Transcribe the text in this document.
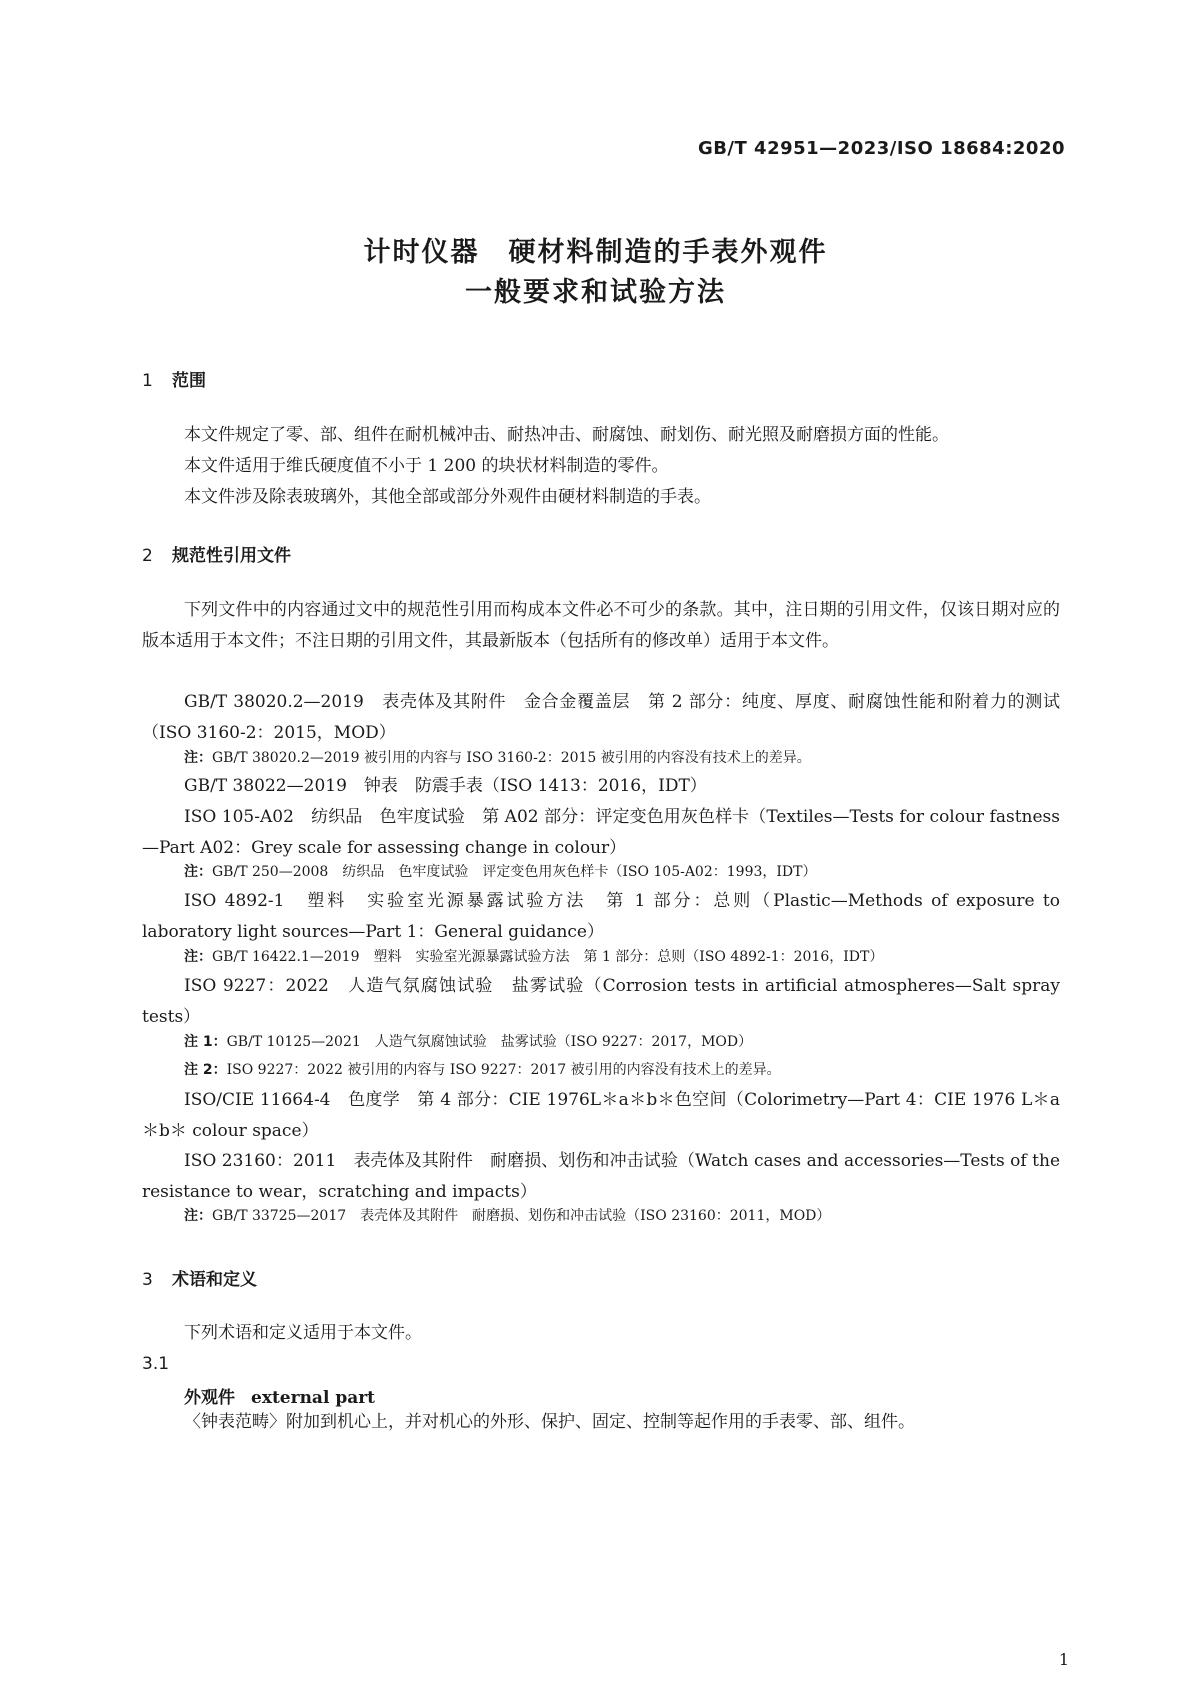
GB/T 42951—2023/ISO 18684:2020
计时仪器　硬材料制造的手表外观件
一般要求和试验方法
1 范围

本文件规定了零、部、组件在耐机械冲击、耐热冲击、耐腐蚀、耐划伤、耐光照及耐磨损方面的性能。

本文件适用于维氏硬度值不小于 1 200 的块状材料制造的零件。

本文件涉及除表玻璃外，其他全部或部分外观件由硬材料制造的手表。

2 规范性引用文件

下列文件中的内容通过文中的规范性引用而构成本文件必不可少的条款。其中，注日期的引用文件，仅该日期对应的版本适用于本文件；不注日期的引用文件，其最新版本（包括所有的修改单）适用于本文件。

GB/T 38020.2—2019　表壳体及其附件　金合金覆盖层　第 2 部分：纯度、厚度、耐腐蚀性能和附着力的测试（ISO 3160-2：2015，MOD）

注：GB/T 38020.2—2019 被引用的内容与 ISO 3160-2：2015 被引用的内容没有技术上的差异。
GB/T 38022—2019　钟表　防震手表（ISO 1413：2016，IDT）

ISO 105-A02　纺织品　色牢度试验　第 A02 部分：评定变色用灰色样卡（Textiles—Tests for colour fastness—Part A02：Grey scale for assessing change in colour）

注：GB/T 250—2008　纺织品　色牢度试验　评定变色用灰色样卡（ISO 105-A02：1993，IDT）

ISO 4892-1　塑料　实验室光源暴露试验方法　第 1 部分：总则（Plastic—Methods of exposure to laboratory light sources—Part 1：General guidance）

注：GB/T 16422.1—2019　塑料　实验室光源暴露试验方法　第 1 部分：总则（ISO 4892-1：2016，IDT）

ISO 9227：2022　人造气氛腐蚀试验　盐雾试验（Corrosion tests in artificial atmospheres—Salt spray tests）

注 1：GB/T 10125—2021　人造气氛腐蚀试验　盐雾试验（ISO 9227：2017，MOD）
注 2：ISO 9227：2022 被引用的内容与 ISO 9227：2017 被引用的内容没有技术上的差异。

ISO/CIE 11664-4　色度学　第 4 部分：CIE 1976L＊a＊b＊色空间（Colorimetry—Part 4：CIE 1976 L＊a＊b＊ colour space）

ISO 23160：2011　表壳体及其附件　耐磨损、划伤和冲击试验（Watch cases and accessories—Tests of the resistance to wear，scratching and impacts）

注：GB/T 33725—2017　表壳体及其附件　耐磨损、划伤和冲击试验（ISO 23160：2011，MOD）
3 术语和定义

下列术语和定义适用于本文件。

3.1
外观件 external part

〈钟表范畴〉附加到机心上，并对机心的外形、保护、固定、控制等起作用的手表零、部、组件。

1
